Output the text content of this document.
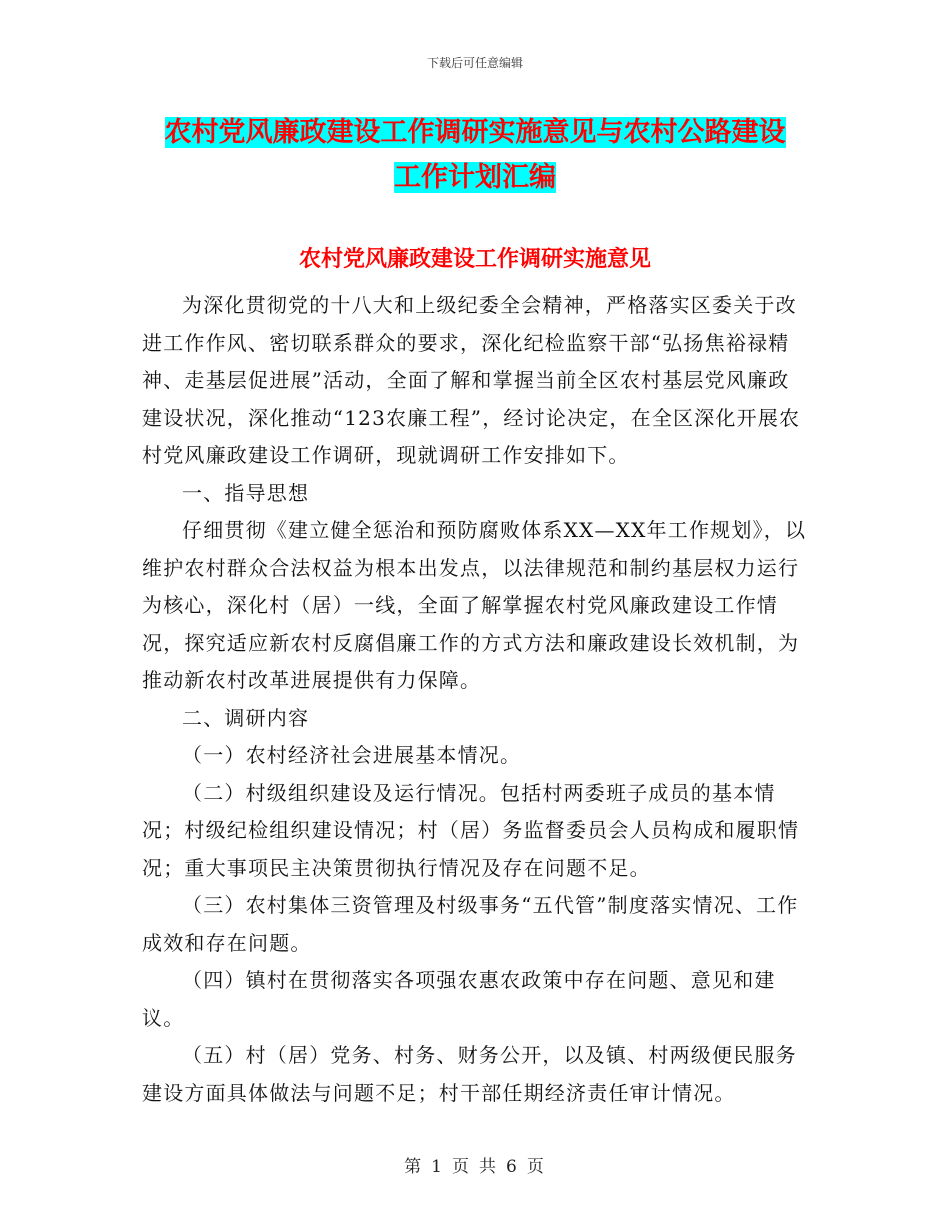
下载后可任意编辑
农村党风廉政建设工作调研实施意见与农村公路建设
工作计划汇编
农村党风廉政建设工作调研实施意见

为深化贯彻党的十八大和上级纪委全会精神，严格落实区委关于改进工作作风、密切联系群众的要求，深化纪检监察干部“弘扬焦裕禄精神、走基层促进展”活动，全面了解和掌握当前全区农村基层党风廉政建设状况，深化推动“123农廉工程”，经讨论决定，在全区深化开展农村党风廉政建设工作调研，现就调研工作安排如下。

一、指导思想

仔细贯彻《建立健全惩治和预防腐败体系XX—XX年工作规划》，以维护农村群众合法权益为根本出发点，以法律规范和制约基层权力运行为核心，深化村（居）一线，全面了解掌握农村党风廉政建设工作情况，探究适应新农村反腐倡廉工作的方式方法和廉政建设长效机制，为推动新农村改革进展提供有力保障。

二、调研内容

（一）农村经济社会进展基本情况。

（二）村级组织建设及运行情况。包括村两委班子成员的基本情况；村级纪检组织建设情况；村（居）务监督委员会人员构成和履职情况；重大事项民主决策贯彻执行情况及存在问题不足。

（三）农村集体三资管理及村级事务“五代管”制度落实情况、工作成效和存在问题。

（四）镇村在贯彻落实各项强农惠农政策中存在问题、意见和建议。

（五）村（居）党务、村务、财务公开，以及镇、村两级便民服务建设方面具体做法与问题不足；村干部任期经济责任审计情况。

第 1 页 共 6 页
